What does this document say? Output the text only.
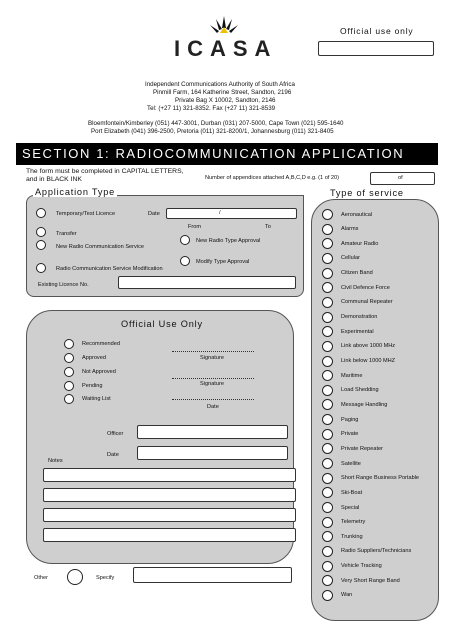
ICASA
Official use only
Independent Communications Authority of South Africa
Pinmill Farm, 164 Katherine Street, Sandton, 2196
Private Bag X 10002, Sandton, 2146
Tel: (+27 11) 321-8352. Fax (+27 11) 321-8539
Bloemfontein/Kimberley (051) 447-3001, Durban (031) 207-5000, Cape Town (021) 595-1640
Port Elizabeth (041) 396-2500, Pretoria (011) 321-8200/1, Johannesburg (011) 321-8405
SECTION 1: RADIOCOMMUNICATION APPLICATION
The form must be completed in CAPITAL LETTERS,
and in BLACK INK	Number of appendices attached A,B,C,D e.g. (1 of 20)	of
Application Type
Temporary/Test Licence	Date	/
From	To
Transfer
New Radio Type Approval
New Radio Communication Service
Modify Type Approval
Radio Communication Service Modification
Existing Licence No.
Official Use Only
Recommended
Approved
Not Approved
Pending
Waiting List
Signature
Signature
Date
Officer
Date
Notes
Other	Specify
Type of service
Aeronautical
Alarms
Amateur Radio
Cellular
Citizen Band
Civil Defence Force
Communal Repeater
Demonstration
Experimental
Link above 1000 MHz
Link below 1000 MHZ
Maritime
Load Shedding
Message Handling
Paging
Private
Private Repeater
Satellite
Short Range Business Portable
Ski-Boat
Special
Telemetry
Trunking
Radio Suppliers/Technicians
Vehicle Tracking
Very Short Range Band
Wan
